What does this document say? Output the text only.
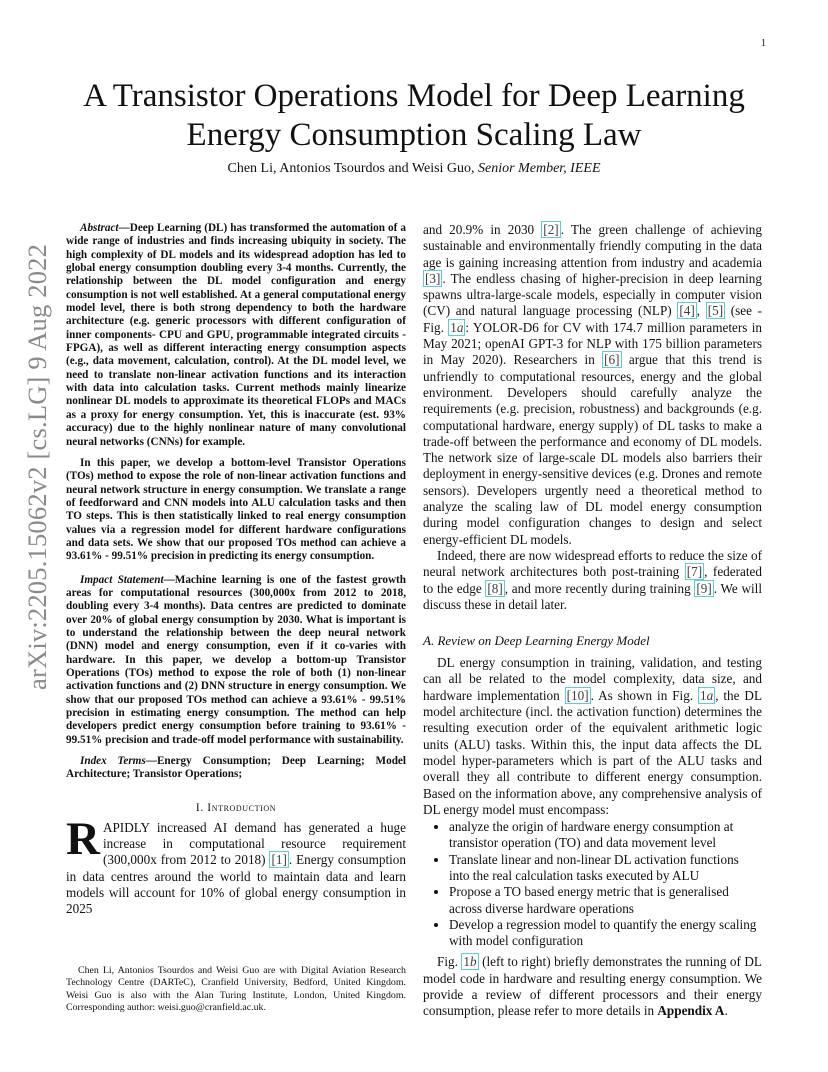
1
arXiv:2205.15062v2 [cs.LG] 9 Aug 2022
A Transistor Operations Model for Deep Learning
Energy Consumption Scaling Law
Chen Li, Antonios Tsourdos and Weisi Guo, Senior Member, IEEE

Abstract—Deep Learning (DL) has transformed the automation of a wide range of industries and finds increasing ubiquity in society. The high complexity of DL models and its widespread adoption has led to global energy consumption doubling every 3-4 months. Currently, the relationship between the DL model configuration and energy consumption is not well established. At a general computational energy model level, there is both strong dependency to both the hardware architecture (e.g. generic processors with different configuration of inner components- CPU and GPU, programmable integrated circuits - FPGA), as well as different interacting energy consumption aspects (e.g., data movement, calculation, control). At the DL model level, we need to translate non-linear activation functions and its interaction with data into calculation tasks. Current methods mainly linearize nonlinear DL models to approximate its theoretical FLOPs and MACs as a proxy for energy consumption. Yet, this is inaccurate (est. 93% accuracy) due to the highly nonlinear nature of many convolutional neural networks (CNNs) for example.

In this paper, we develop a bottom-level Transistor Operations (TOs) method to expose the role of non-linear activation functions and neural network structure in energy consumption. We translate a range of feedforward and CNN models into ALU calculation tasks and then TO steps. This is then statistically linked to real energy consumption values via a regression model for different hardware configurations and data sets. We show that our proposed TOs method can achieve a 93.61% - 99.51% precision in predicting its energy consumption.

Impact Statement—Machine learning is one of the fastest growth areas for computational resources (300,000x from 2012 to 2018, doubling every 3-4 months). Data centres are predicted to dominate over 20% of global energy consumption by 2030. What is important is to understand the relationship between the deep neural network (DNN) model and energy consumption, even if it co-varies with hardware. In this paper, we develop a bottom-up Transistor Operations (TOs) method to expose the role of both (1) non-linear activation functions and (2) DNN structure in energy consumption. We show that our proposed TOs method can achieve a 93.61% - 99.51% precision in estimating energy consumption. The method can help developers predict energy consumption before training to 93.61% - 99.51% precision and trade-off model performance with sustainability.

Index Terms—Energy Consumption; Deep Learning; Model Architecture; Transistor Operations;

I. Introduction

RAPIDLY increased AI demand has generated a huge increase in computational resource requirement (300,000x from 2012 to 2018) [1] . Energy consumption in data centres around the world to maintain data and learn models will account for 10% of global energy consumption in 2025

Chen Li, Antonios Tsourdos and Weisi Guo are with Digital Aviation Research Technology Centre (DARTeC), Cranfield University, Bedford, United Kingdom. Weisi Guo is also with the Alan Turing Institute, London, United Kingdom. Corresponding author: weisi.guo@cranfield.ac.uk.

and 20.9% in 2030 [2] . The green challenge of achieving sustainable and environmentally friendly computing in the data age is gaining increasing attention from industry and academia [3] . The endless chasing of higher-precision in deep learning spawns ultra-large-scale models, especially in computer vision (CV) and natural language processing (NLP) [4] , [5] (see - Fig. 1a : YOLOR-D6 for CV with 174.7 million parameters in May 2021; openAI GPT-3 for NLP with 175 billion parameters in May 2020). Researchers in [6] argue that this trend is unfriendly to computational resources, energy and the global environment. Developers should carefully analyze the requirements (e.g. precision, robustness) and backgrounds (e.g. computational hardware, energy supply) of DL tasks to make a trade-off between the performance and economy of DL models. The network size of large-scale DL models also barriers their deployment in energy-sensitive devices (e.g. Drones and remote sensors). Developers urgently need a theoretical method to analyze the scaling law of DL model energy consumption during model configuration changes to design and select energy-efficient DL models.

Indeed, there are now widespread efforts to reduce the size of neural network architectures both post-training [7] , federated to the edge [8] , and more recently during training [9] . We will discuss these in detail later.

A. Review on Deep Learning Energy Model

DL energy consumption in training, validation, and testing can all be related to the model complexity, data size, and hardware implementation [10] . As shown in Fig. 1a , the DL model architecture (incl. the activation function) determines the resulting execution order of the equivalent arithmetic logic units (ALU) tasks. Within this, the input data affects the DL model hyper-parameters which is part of the ALU tasks and overall they all contribute to different energy consumption. Based on the information above, any comprehensive analysis of DL energy model must encompass:

• analyze the origin of hardware energy consumption at transistor operation (TO) and data movement level
• Translate linear and non-linear DL activation functions into the real calculation tasks executed by ALU
• Propose a TO based energy metric that is generalised across diverse hardware operations
• Develop a regression model to quantify the energy scaling with model configuration

Fig. 1b (left to right) briefly demonstrates the running of DL model code in hardware and resulting energy consumption. We provide a review of different processors and their energy consumption, please refer to more details in Appendix A.
